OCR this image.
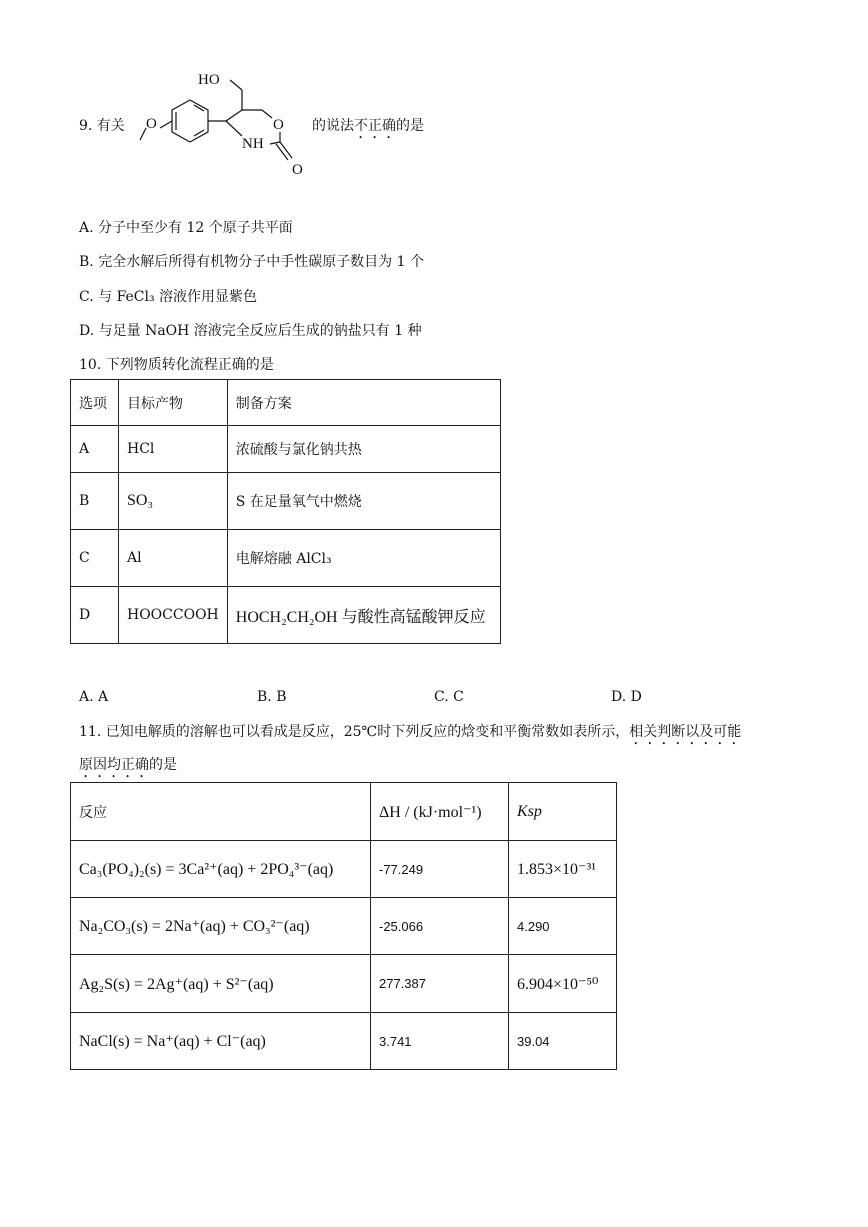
9. 有关 O	O
NH
O
HO
的说法不正确的是
A. 分子中至少有 12 个原子共平面
B. 完全水解后所得有机物分子中手性碳原子数目为 1 个
C. 与 FeCl₃ 溶液作用显紫色
D. 与足量 NaOH 溶液完全反应后生成的钠盐只有 1 种
10. 下列物质转化流程正确的是
选项	目标产物	制备方案
A	HCl	浓硫酸与氯化钠共热
B	SO₃	S 在足量氧气中燃烧
C	Al	电解熔融 AlCl₃
D	HOOCCOOH	HOCH₂CH₂OH 与酸性高锰酸钾反应
A. A	B. B	C. C	D. D
11. 已知电解质的溶解也可以看成是反应，25℃时下列反应的焓变和平衡常数如表所示，相关判断以及可能
原因均正确的是
反应	ΔH / (kJ·mol⁻¹)	Ksp
Ca₃(PO₄)₂(s) = 3Ca²⁺(aq) + 2PO₄³⁻(aq)	-77.249	1.853×10⁻³¹
Na₂CO₃(s) = 2Na⁺(aq) + CO₃²⁻(aq)	-25.066	4.290
Ag₂S(s) = 2Ag⁺(aq) + S²⁻(aq)	277.387	6.904×10⁻⁵⁰
NaCl(s) = Na⁺(aq) + Cl⁻(aq)	3.741	39.04
